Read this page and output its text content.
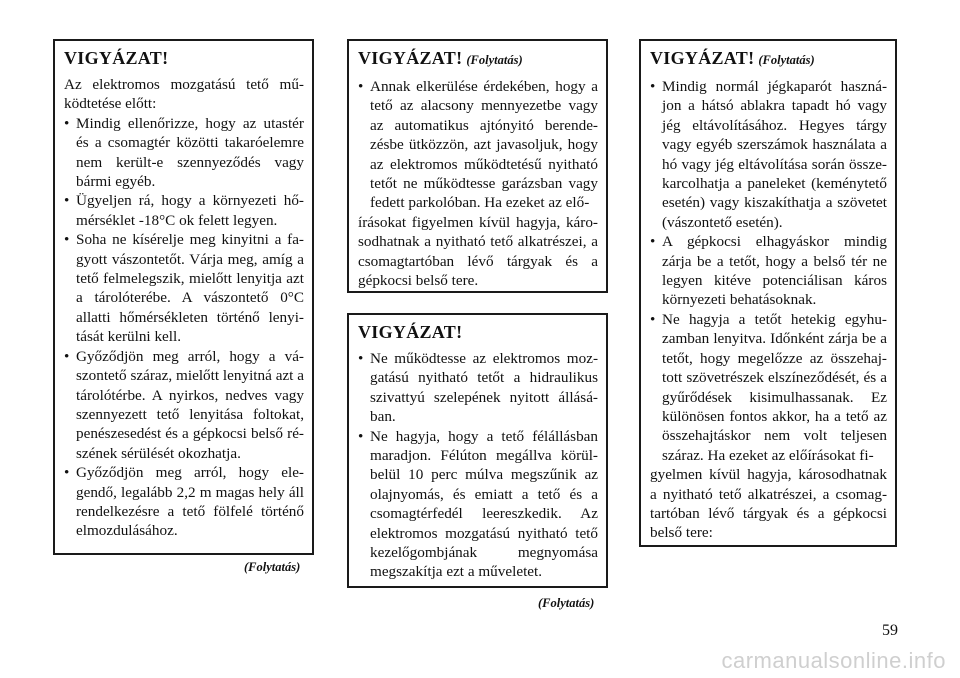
VIGYÁZAT!

Az elektromos mozgatású tető mű-ködtetése előtt:

• Mindig ellenőrizze, hogy az utastér és a csomagtér közötti takaróelemre nem került-e szennyeződés vagy bármi egyéb.
• Ügyeljen rá, hogy a környezeti hő-mérséklet -18°C ok felett legyen.
• Soha ne kísérelje meg kinyitni a fa-gyott vászontetőt. Várja meg, amíg a tető felmelegszik, mielőtt lenyitja azt a tárolóterébe. A vászontető 0°C allatti hőmérsékleten történő lenyi-tását kerülni kell.
• Győződjön meg arról, hogy a vá-szontető száraz, mielőtt lenyitná azt a tárolótérbe. A nyirkos, nedves vagy szennyezett tető lenyitása foltokat, penészesedést és a gépkocsi belső ré-szének sérülését okozhatja.
• Győződjön meg arról, hogy ele-gendő, legalább 2,2 m magas hely áll rendelkezésre a tető fölfelé történő elmozdulásához.
(Folytatás)
VIGYÁZAT! (Folytatás)
• Annak elkerülése érdekében, hogy a tető az alacsony mennyezetbe vagy az automatikus ajtónyitó berende-zésbe ütközzön, azt javasoljuk, hogy az elektromos működtetésű nyitható tetőt ne működtesse garázsban vagy fedett parkolóban. Ha ezeket az elő-

írásokat figyelmen kívül hagyja, káro-sodhatnak a nyitható tető alkatrészei, a csomagtartóban lévő tárgyak és a gépkocsi belső tere.

VIGYÁZAT!
• Ne működtesse az elektromos moz-gatású nyitható tetőt a hidraulikus szivattyú szelepének nyitott állásá-ban.
• Ne hagyja, hogy a tető félállásban maradjon. Félúton megállva körül-belül 10 perc múlva megszűnik az olajnyomás, és emiatt a tető és a csomagtérfedél leereszkedik. Az elektromos mozgatású nyitható tető kezelőgombjának megnyomása megszakítja ezt a műveletet.
(Folytatás)
VIGYÁZAT! (Folytatás)
• Mindig normál jégkaparót haszná-jon a hátsó ablakra tapadt hó vagy jég eltávolításához. Hegyes tárgy vagy egyéb szerszámok használata a hó vagy jég eltávolítása során össze-karcolhatja a paneleket (keménytető esetén) vagy kiszakíthatja a szövetet (vászontető esetén).
• A gépkocsi elhagyáskor mindig zárja be a tetőt, hogy a belső tér ne legyen kitéve potenciálisan káros környezeti behatásoknak.
• Ne hagyja a tetőt hetekig egyhu-zamban lenyitva. Időnként zárja be a tetőt, hogy megelőzze az összehaj-tott szövetrészek elszíneződését, és a gyűrődések kisimulhassanak. Ez különösen fontos akkor, ha a tető az összehajtáskor nem volt teljesen száraz. Ha ezeket az előírásokat fi-

gyelmen kívül hagyja, károsodhatnak a nyitható tető alkatrészei, a csomag-tartóban lévő tárgyak és a gépkocsi belső tere:

59
carmanualsonline.info
